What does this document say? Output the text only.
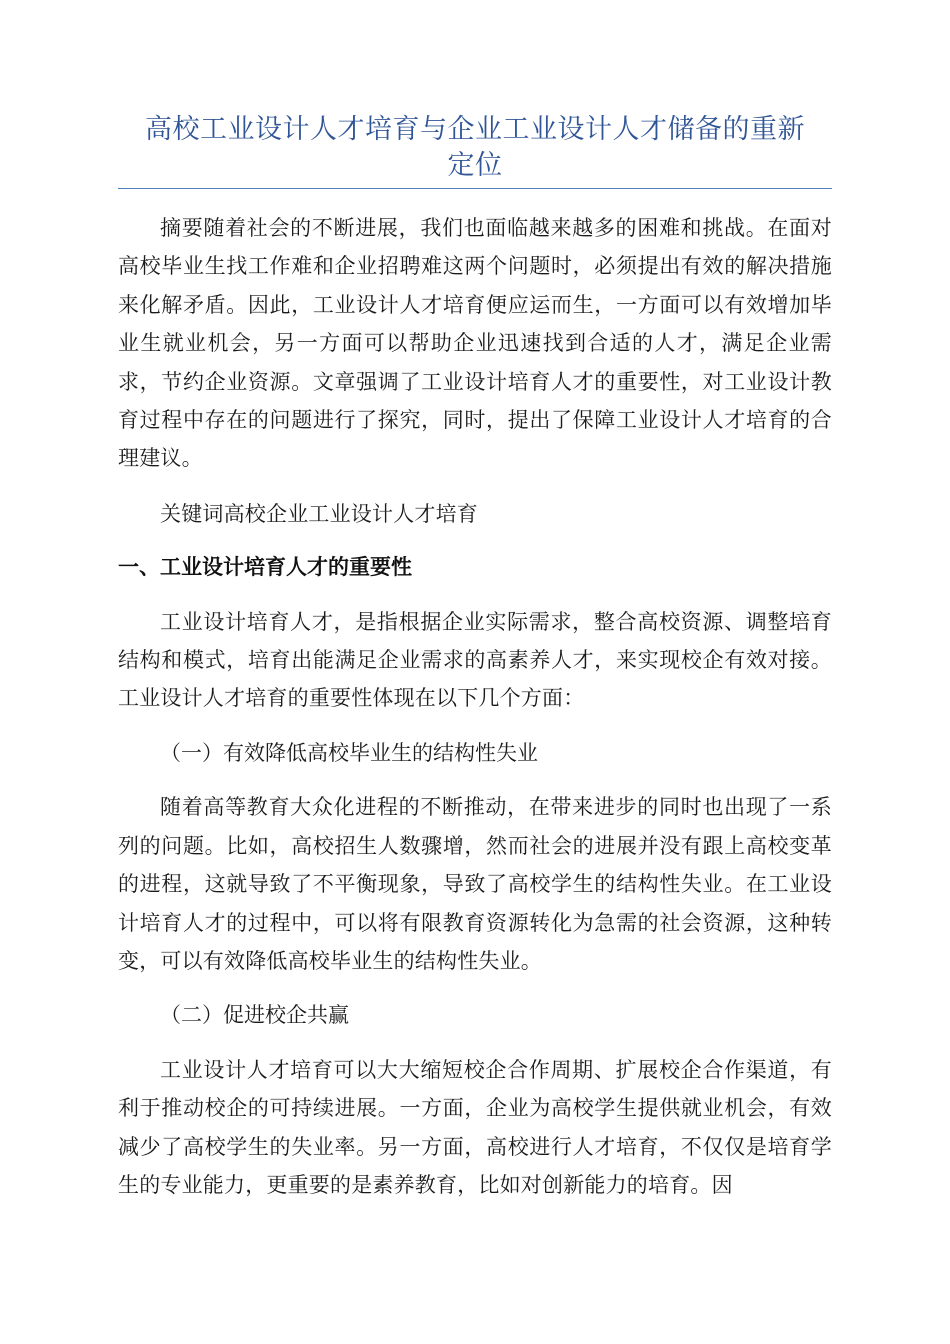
高校工业设计人才培育与企业工业设计人才储备的重新
定位

摘要随着社会的不断进展，我们也面临越来越多的困难和挑战。在面对高校毕业生找工作难和企业招聘难这两个问题时，必须提出有效的解决措施来化解矛盾。因此，工业设计人才培育便应运而生，一方面可以有效增加毕业生就业机会，另一方面可以帮助企业迅速找到合适的人才，满足企业需求，节约企业资源。文章强调了工业设计培育人才的重要性，对工业设计教育过程中存在的问题进行了探究，同时，提出了保障工业设计人才培育的合理建议。

关键词高校企业工业设计人才培育

一、工业设计培育人才的重要性

工业设计培育人才，是指根据企业实际需求，整合高校资源、调整培育结构和模式，培育出能满足企业需求的高素养人才，来实现校企有效对接。工业设计人才培育的重要性体现在以下几个方面：

（一）有效降低高校毕业生的结构性失业

随着高等教育大众化进程的不断推动，在带来进步的同时也出现了一系列的问题。比如，高校招生人数骤增，然而社会的进展并没有跟上高校变革的进程，这就导致了不平衡现象，导致了高校学生的结构性失业。在工业设计培育人才的过程中，可以将有限教育资源转化为急需的社会资源，这种转变，可以有效降低高校毕业生的结构性失业。

（二）促进校企共赢

工业设计人才培育可以大大缩短校企合作周期、扩展校企合作渠道，有利于推动校企的可持续进展。一方面，企业为高校学生提供就业机会，有效减少了高校学生的失业率。另一方面，高校进行人才培育，不仅仅是培育学生的专业能力，更重要的是素养教育，比如对创新能力的培育。因
